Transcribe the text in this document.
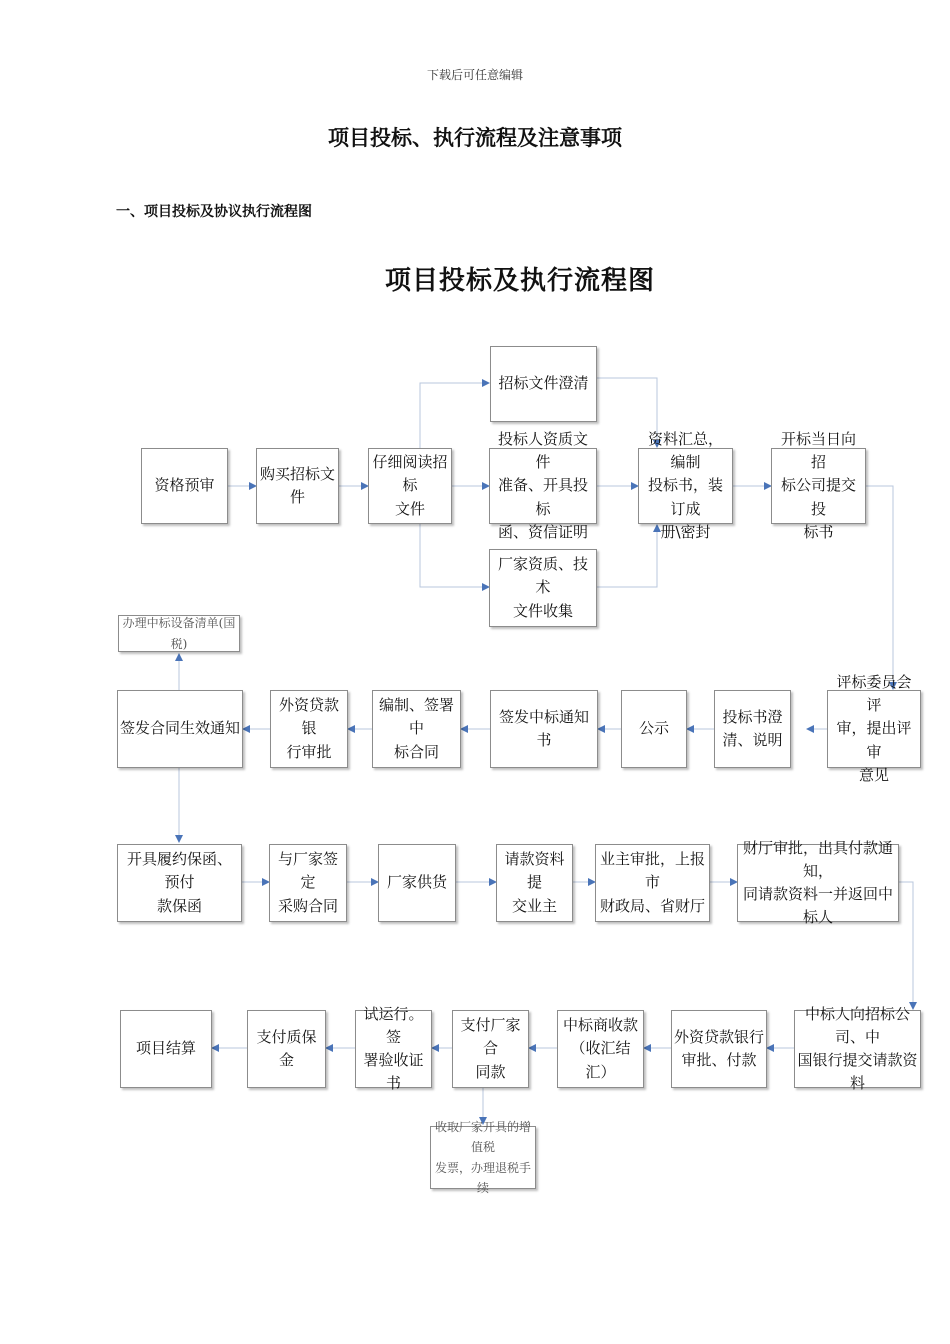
下载后可任意编辑
项目投标、执行流程及注意事项
一、项目投标及协议执行流程图
项目投标及执行流程图
招标文件澄清
资格预审
购买招标文件
仔细阅读招标
文件
投标人资质文件
准备、开具投标
函、资信证明
资料汇总，编制
投标书，装订成
册\密封
开标当日向招
标公司提交投
标书
厂家资质、技术
文件收集
办理中标设备清单(国税)
签发合同生效通知
外资贷款银
行审批
编制、签署中
标合同
签发中标通知书
公示
投标书澄
清、说明
评标委员会评
审，提出评审
意见
开具履约保函、预付
款保函
与厂家签定
采购合同
厂家供货
请款资料提
交业主
业主审批，上报市
财政局、省财厅
财厅审批，出具付款通知，
同请款资料一并返回中标人
项目结算
支付质保金
试运行。签
署验收证书
支付厂家合
同款
中标商收款
（收汇结汇）
外资贷款银行
审批、付款
中标人向招标公司、中
国银行提交请款资料
收取厂家开具的增值税
发票，办理退税手续
